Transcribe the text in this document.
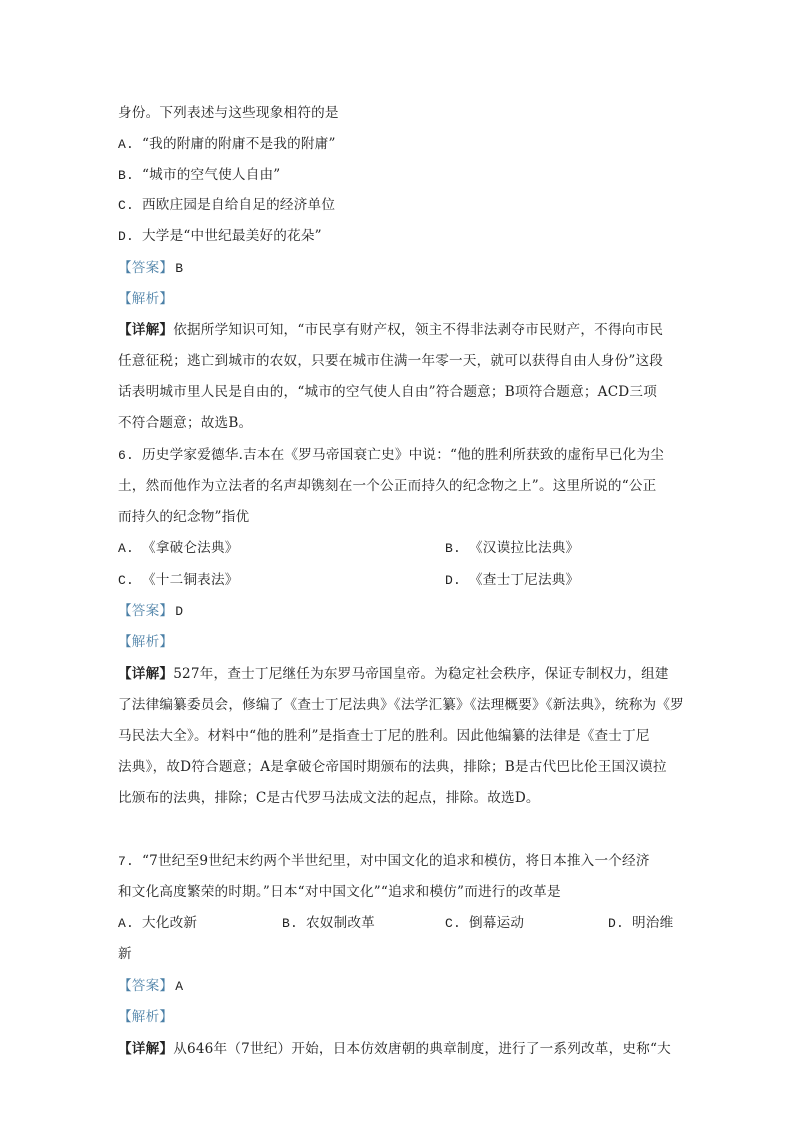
身份。下列表述与这些现象相符的是
A. “我的附庸的附庸不是我的附庸”
B. “城市的空气使人自由”
C. 西欧庄园是自给自足的经济单位
D. 大学是“中世纪最美好的花朵”
【答案】 B
【解析】
【详解】依据所学知识可知，“市民享有财产权，领主不得非法剥夺市民财产，不得向市民
任意征税；逃亡到城市的农奴，只要在城市住满一年零一天，就可以获得自由人身份”这段
话表明城市里人民是自由的，“城市的空气使人自由”符合题意；B项符合题意；ACD三项
不符合题意；故选B。
6. 历史学家爱德华.吉本在《罗马帝国衰亡史》中说：“他的胜利所获致的虚衔早已化为尘
土，然而他作为立法者的名声却镌刻在一个公正而持久的纪念物之上”。这里所说的“公正
而持久的纪念物”指优
A. 《拿破仑法典》	B. 《汉谟拉比法典》
C. 《十二铜表法》	D. 《查士丁尼法典》
【答案】 D
【解析】
【详解】527年，查士丁尼继任为东罗马帝国皇帝。为稳定社会秩序，保证专制权力，组建
了法律编纂委员会，修编了《查士丁尼法典》《法学汇纂》《法理概要》《新法典》，统称为《罗
马民法大全》。材料中“他的胜利”是指查士丁尼的胜利。因此他编纂的法律是《查士丁尼
法典》，故D符合题意；A是拿破仑帝国时期颁布的法典，排除；B是古代巴比伦王国汉谟拉
比颁布的法典，排除；C是古代罗马法成文法的起点，排除。故选D。
7. “7世纪至9世纪末约两个半世纪里，对中国文化的追求和模仿，将日本推入一个经济
和文化高度繁荣的时期。”日本“对中国文化”“追求和模仿”而进行的改革是
A. 大化改新	B. 农奴制改革	C. 倒幕运动	D. 明治维
新
【答案】 A
【解析】
【详解】从646年（7世纪）开始，日本仿效唐朝的典章制度，进行了一系列改革，史称“大
